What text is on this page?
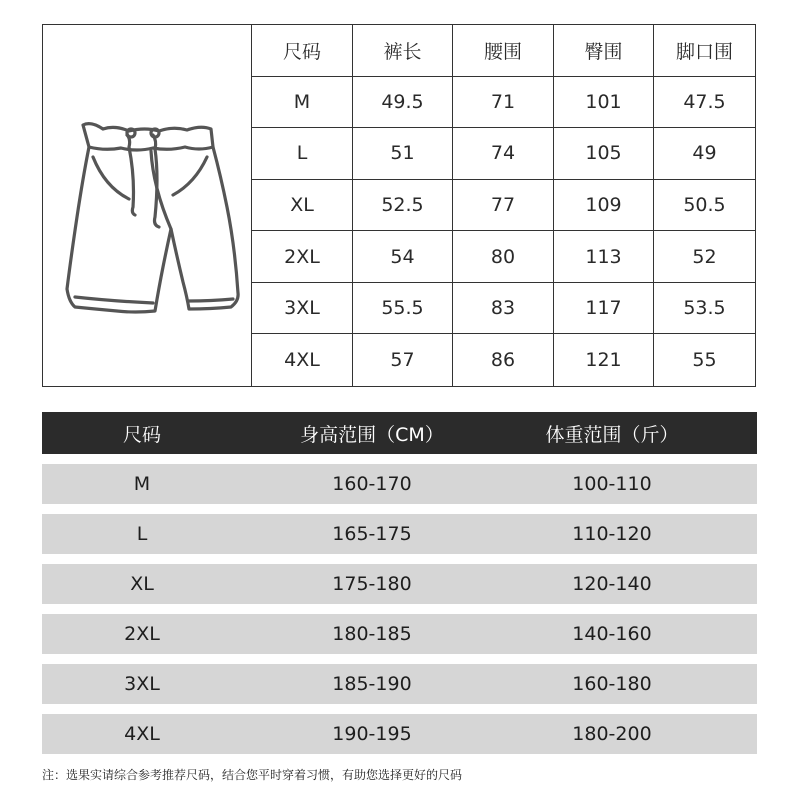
尺码	裤长	腰围	臀围	脚口围
M	49.5	71	101	47.5
L	51	74	105	49
XL	52.5	77	109	50.5
2XL	54	80	113	52
3XL	55.5	83	117	53.5
4XL	57	86	121	55
尺码	身高范围（CM）	体重范围（斤）
M	160-170	100-110
L	165-175	110-120
XL	175-180	120-140
2XL	180-185	140-160
3XL	185-190	160-180
4XL	190-195	180-200
注：选果实请综合参考推荐尺码，结合您平时穿着习惯，有助您选择更好的尺码
